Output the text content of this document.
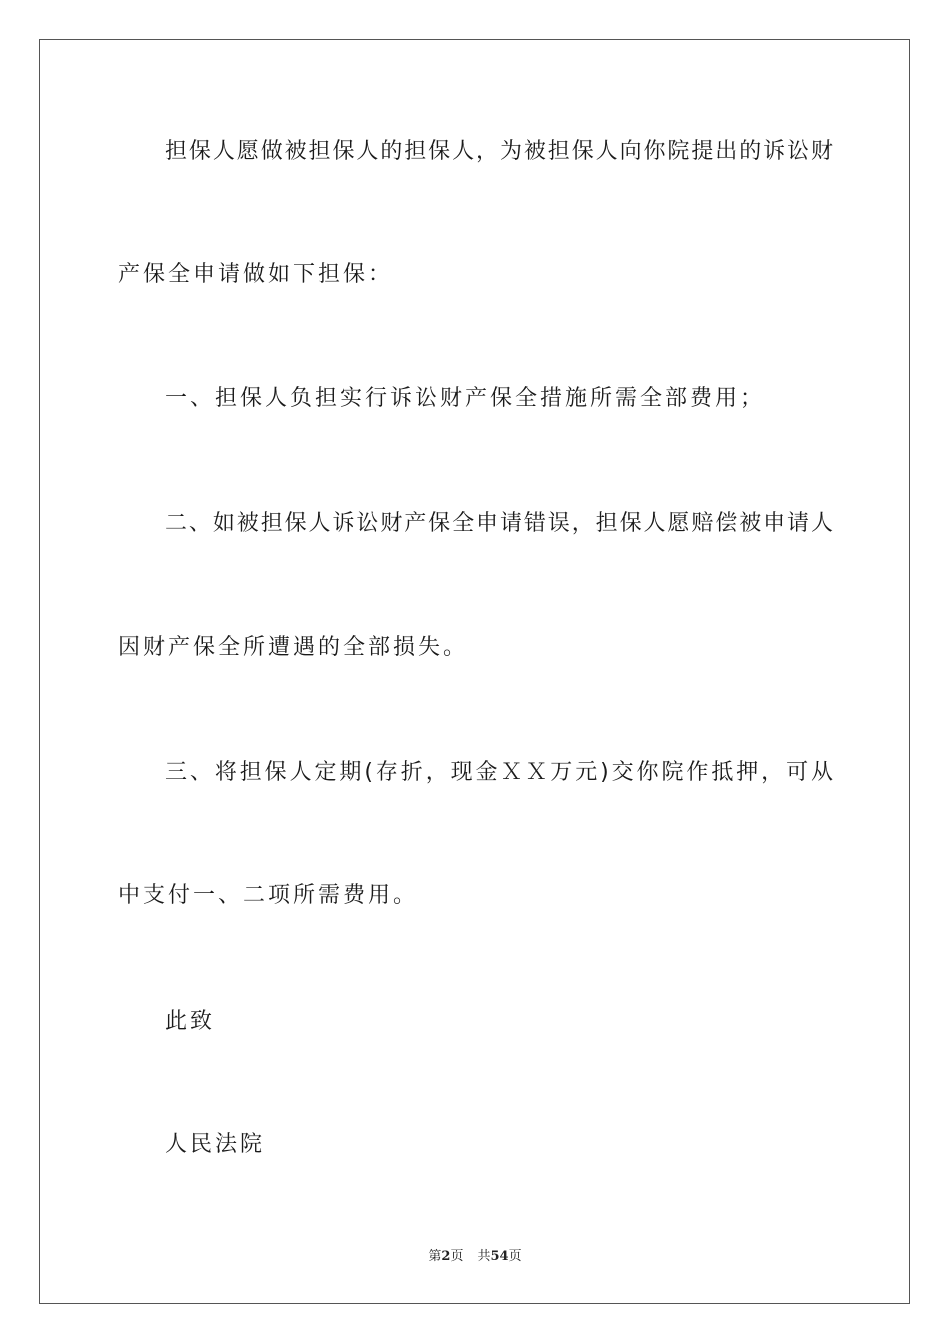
担保人愿做被担保人的担保人，为被担保人向你院提出的诉讼财
产保全申请做如下担保：
一、担保人负担实行诉讼财产保全措施所需全部费用；
二、如被担保人诉讼财产保全申请错误，担保人愿赔偿被申请人
因财产保全所遭遇的全部损失。
三、将担保人定期(存折，现金ＸＸ万元)交你院作抵押，可从
中支付一、二项所需费用。
此致
人民法院
第2页 共54页
